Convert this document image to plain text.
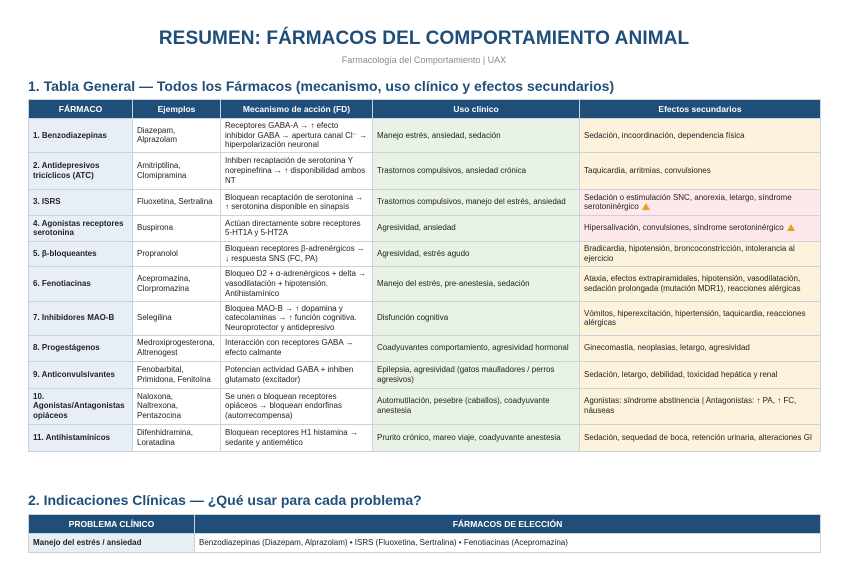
RESUMEN: FÁRMACOS DEL COMPORTAMIENTO ANIMAL
Farmacología del Comportamiento | UAX
1. Tabla General — Todos los Fármacos (mecanismo, uso clínico y efectos secundarios)
FÁRMACO	Ejemplos	Mecanismo de acción (FD)	Uso clínico	Efectos secundarios
1. Benzodiazepinas	Diazepam, Alprazolam	Receptores GABA-A → ↑ efecto inhibidor GABA → apertura canal Cl⁻ → hiperpolarización neuronal	Manejo estrés, ansiedad, sedación	Sedación, incoordinación, dependencia física
2. Antidepresivos tricíclicos (ATC)	Amitriptilina, Clomipramina	Inhiben recaptación de serotonina Y norepinefrina → ↑ disponibilidad ambos NT	Trastornos compulsivos, ansiedad crónica	Taquicardia, arritmias, convulsiones
3. ISRS	Fluoxetina, Sertralina	Bloquean recaptación de serotonina → ↑ serotonina disponible en sinapsis	Trastornos compulsivos, manejo del estrés, ansiedad	Sedación o estimulación SNC, anorexia, letargo, síndrome serotoninérgico
4. Agonistas receptores serotonina	Buspirona	Actúan directamente sobre receptores 5-HT1A y 5-HT2A	Agresividad, ansiedad	Hipersalivación, convulsiones, síndrome serotoninérgico
5. β-bloqueantes	Propranolol	Bloquean receptores β-adrenérgicos → ↓ respuesta SNS (FC, PA)	Agresividad, estrés agudo	Bradicardia, hipotensión, broncoconstricción, intolerancia al ejercicio
6. Fenotiacinas	Acepromazina, Clorpromazina	Bloqueo D2 + α-adrenérgicos + delta → vasodilatación + hipotensión. Antihistamínico	Manejo del estrés, pre-anestesia, sedación	Ataxia, efectos extrapiramidales, hipotensión, vasodilatación, sedación prolongada (mutación MDR1), reacciones alérgicas
7. Inhibidores MAO-B	Selegilina	Bloquea MAO-B → ↑ dopamina y catecolaminas → ↑ función cognitiva. Neuroprotector y antidepresivo	Disfunción cognitiva	Vómitos, hiperexcitación, hipertensión, taquicardia, reacciones alérgicas
8. Progestágenos	Medroxiprogesterona, Altrenogest	Interacción con receptores GABA → efecto calmante	Coadyuvantes comportamiento, agresividad hormonal	Ginecomastia, neoplasias, letargo, agresividad
9. Anticonvulsivantes	Fenobarbital, Primidona, Fenitoína	Potencian actividad GABA + inhiben glutamato (excitador)	Epilepsia, agresividad (gatos maulladores / perros agresivos)	Sedación, letargo, debilidad, toxicidad hepática y renal
10. Agonistas/Antagonistas opiáceos	Naloxona, Naltrexona, Pentazocina	Se unen o bloquean receptores opiáceos → bloquean endorfinas (autorrecompensa)	Automutilación, pesebre (caballos), coadyuvante anestesia	Agonistas: síndrome abstinencia | Antagonistas: ↑ PA, ↑ FC, náuseas
11. Antihistamínicos	Difenhidramina, Loratadina	Bloquean receptores H1 histamina → sedante y antiemético	Prurito crónico, mareo viaje, coadyuvante anestesia	Sedación, sequedad de boca, retención urinaria, alteraciones GI
2. Indicaciones Clínicas — ¿Qué usar para cada problema?
PROBLEMA CLÍNICO	FÁRMACOS DE ELECCIÓN
Manejo del estrés / ansiedad	Benzodiazepinas (Diazepam, Alprazolam) • ISRS (Fluoxetina, Sertralina) • Fenotiacinas (Acepromazina)
